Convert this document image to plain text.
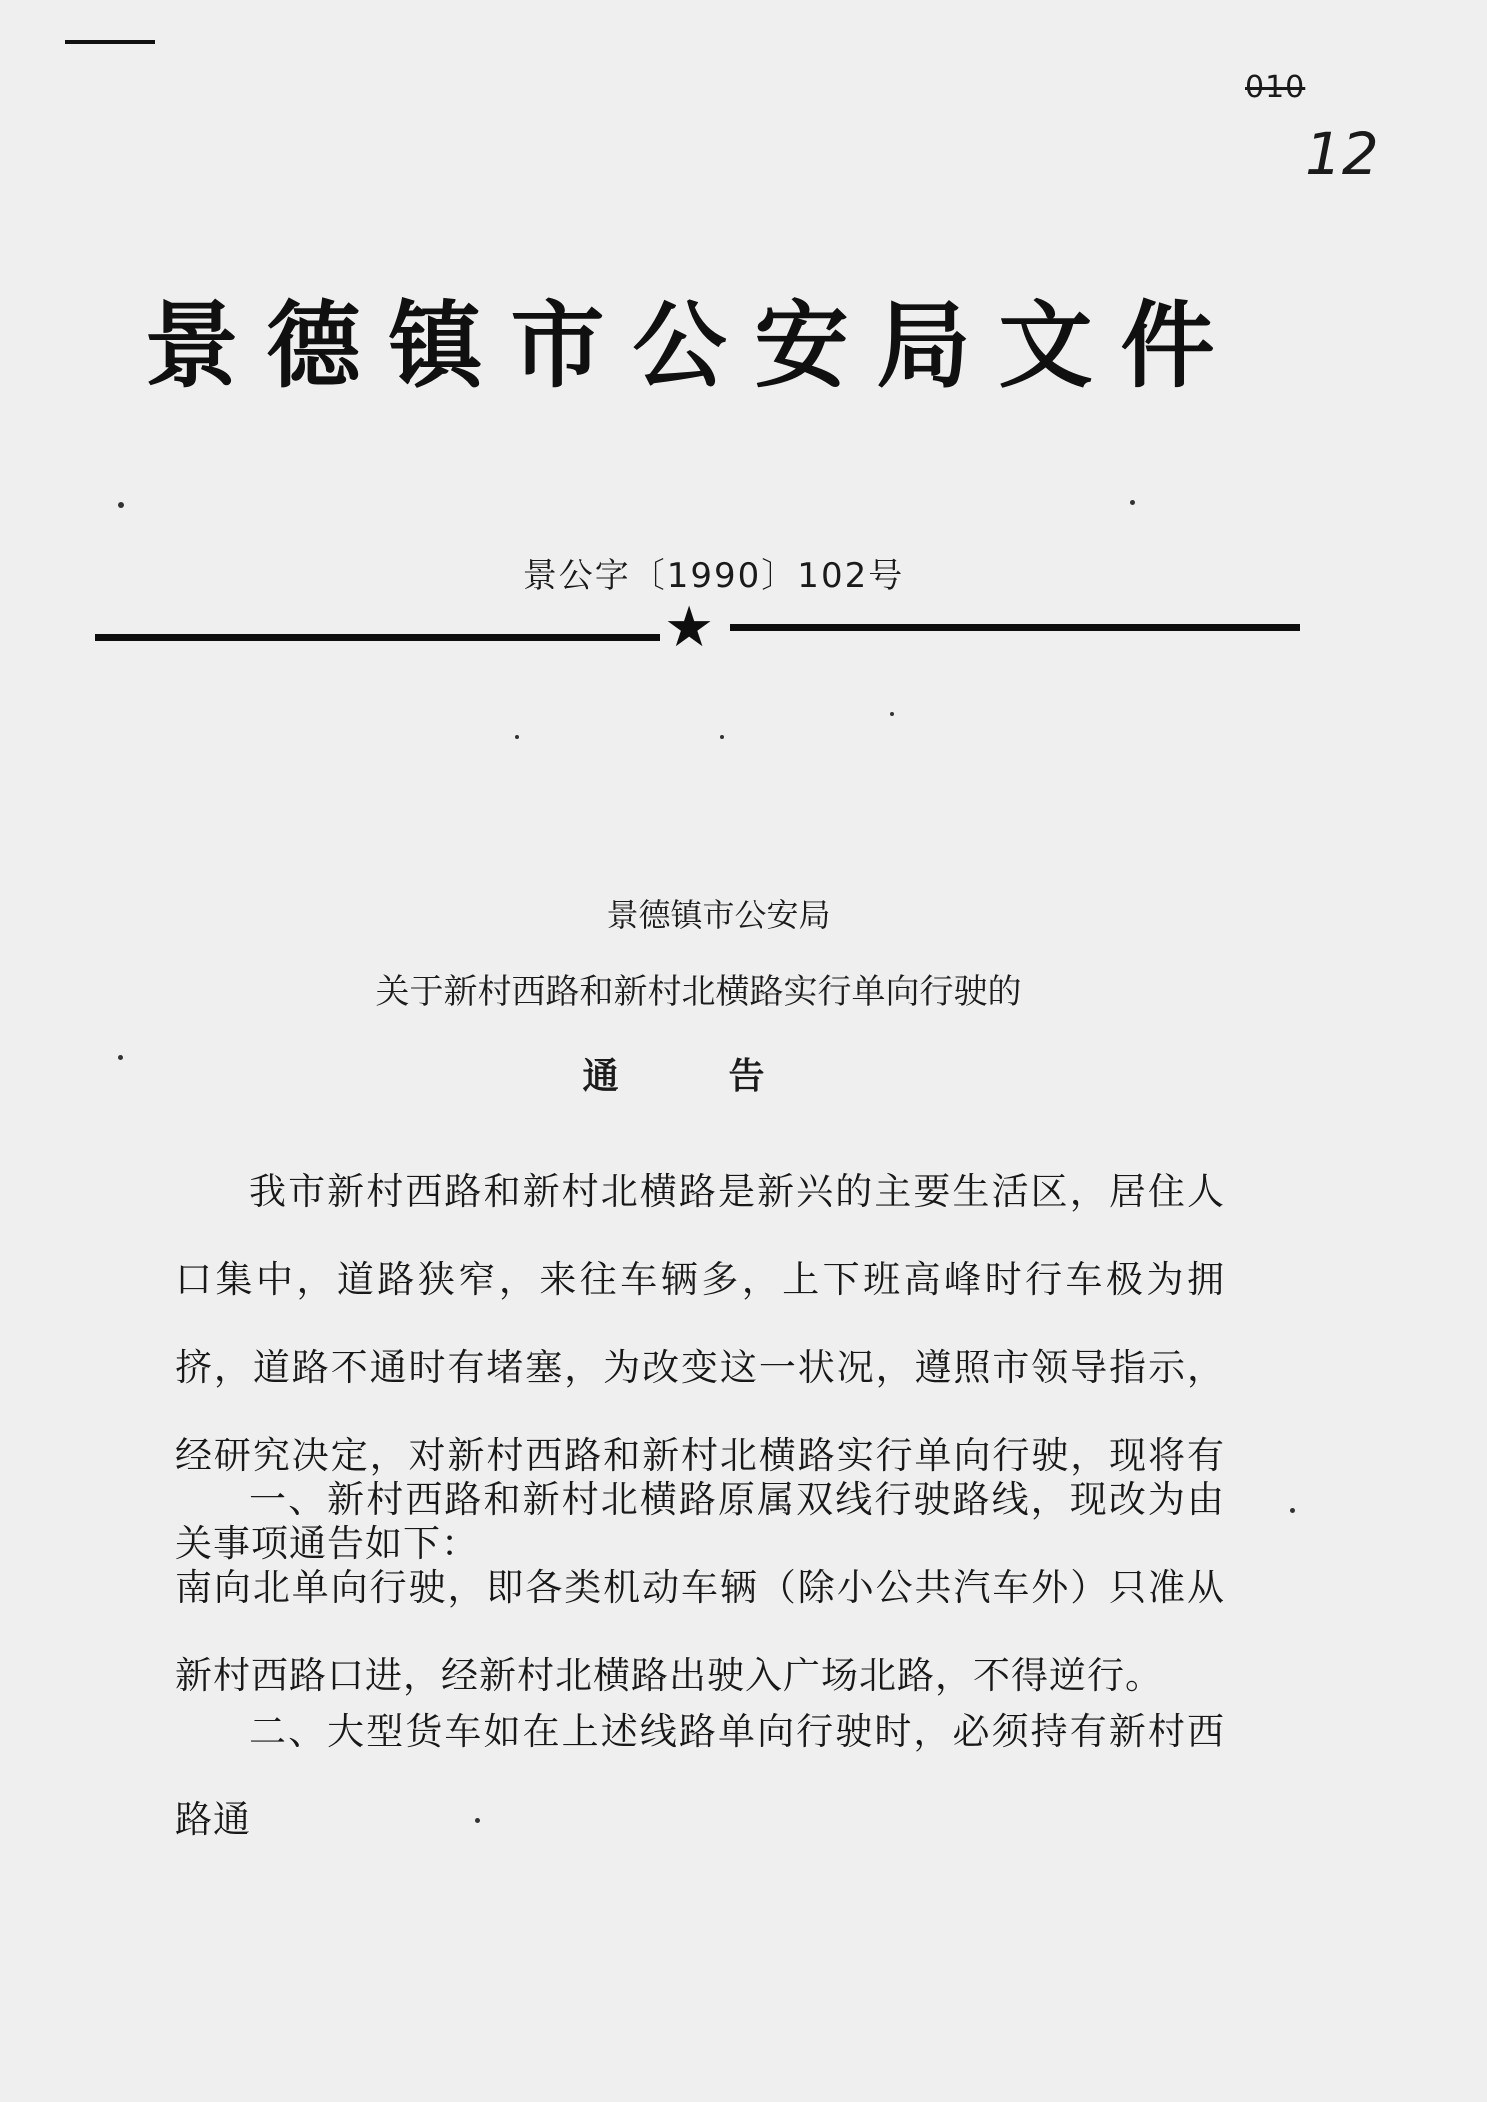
010
12
景德镇市公安局文件
景公字〔1990〕102号
★
景德镇市公安局
关于新村西路和新村北横路实行单向行驶的
通告
我市新村西路和新村北横路是新兴的主要生活区，居住人口集中，道路狭窄，来往车辆多，上下班高峰时行车极为拥挤，道路不通时有堵塞，为改变这一状况，遵照市领导指示，经研究决定，对新村西路和新村北横路实行单向行驶，现将有关事项通告如下：
一、新村西路和新村北横路原属双线行驶路线，现改为由南向北单向行驶，即各类机动车辆（除小公共汽车外）只准从新村西路口进，经新村北横路出驶入广场北路，不得逆行。
二、大型货车如在上述线路单向行驶时，必须持有新村西路通
